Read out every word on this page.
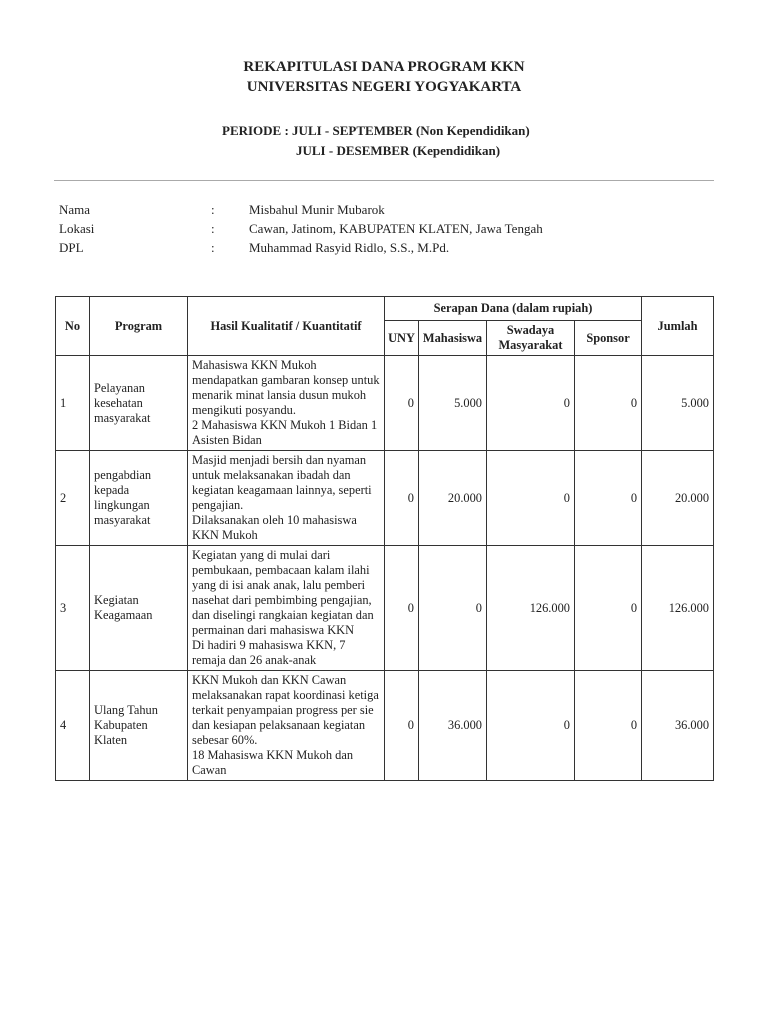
REKAPITULASI DANA PROGRAM KKN
UNIVERSITAS NEGERI YOGYAKARTA
PERIODE : JULI - SEPTEMBER (Non Kependidikan)
JULI - DESEMBER (Kependidikan)
Nama	:	Misbahul Munir Mubarok
Lokasi	:	Cawan, Jatinom, KABUPATEN KLATEN, Jawa Tengah
DPL	:	Muhammad Rasyid Ridlo, S.S., M.Pd.
No	Program	Hasil Kualitatif / Kuantitatif	Serapan Dana (dalam rupiah)				Jumlah
			UNY	Mahasiswa	Swadaya Masyarakat	Sponsor	
1	Pelayanan kesehatan masyarakat	Mahasiswa KKN Mukoh mendapatkan gambaran konsep untuk menarik minat lansia dusun mukoh mengikuti posyandu.
2 Mahasiswa KKN Mukoh 1 Bidan 1 Asisten Bidan	0	5.000	0	0	5.000
2	pengabdian kepada lingkungan masyarakat	Masjid menjadi bersih dan nyaman untuk melaksanakan ibadah dan kegiatan keagamaan lainnya, seperti pengajian.
Dilaksanakan oleh 10 mahasiswa KKN Mukoh	0	20.000	0	0	20.000
3	Kegiatan Keagamaan	Kegiatan yang di mulai dari pembukaan, pembacaan kalam ilahi yang di isi anak anak, lalu pemberi nasehat dari pembimbing pengajian, dan diselingi rangkaian kegiatan dan permainan dari mahasiswa KKN
Di hadiri 9 mahasiswa KKN, 7 remaja dan 26 anak-anak	0	0	126.000	0	126.000
4	Ulang Tahun Kabupaten Klaten	KKN Mukoh dan KKN Cawan melaksanakan rapat koordinasi ketiga terkait penyampaian progress per sie dan kesiapan pelaksanaan kegiatan sebesar 60%.
18 Mahasiswa KKN Mukoh dan Cawan	0	36.000	0	0	36.000
